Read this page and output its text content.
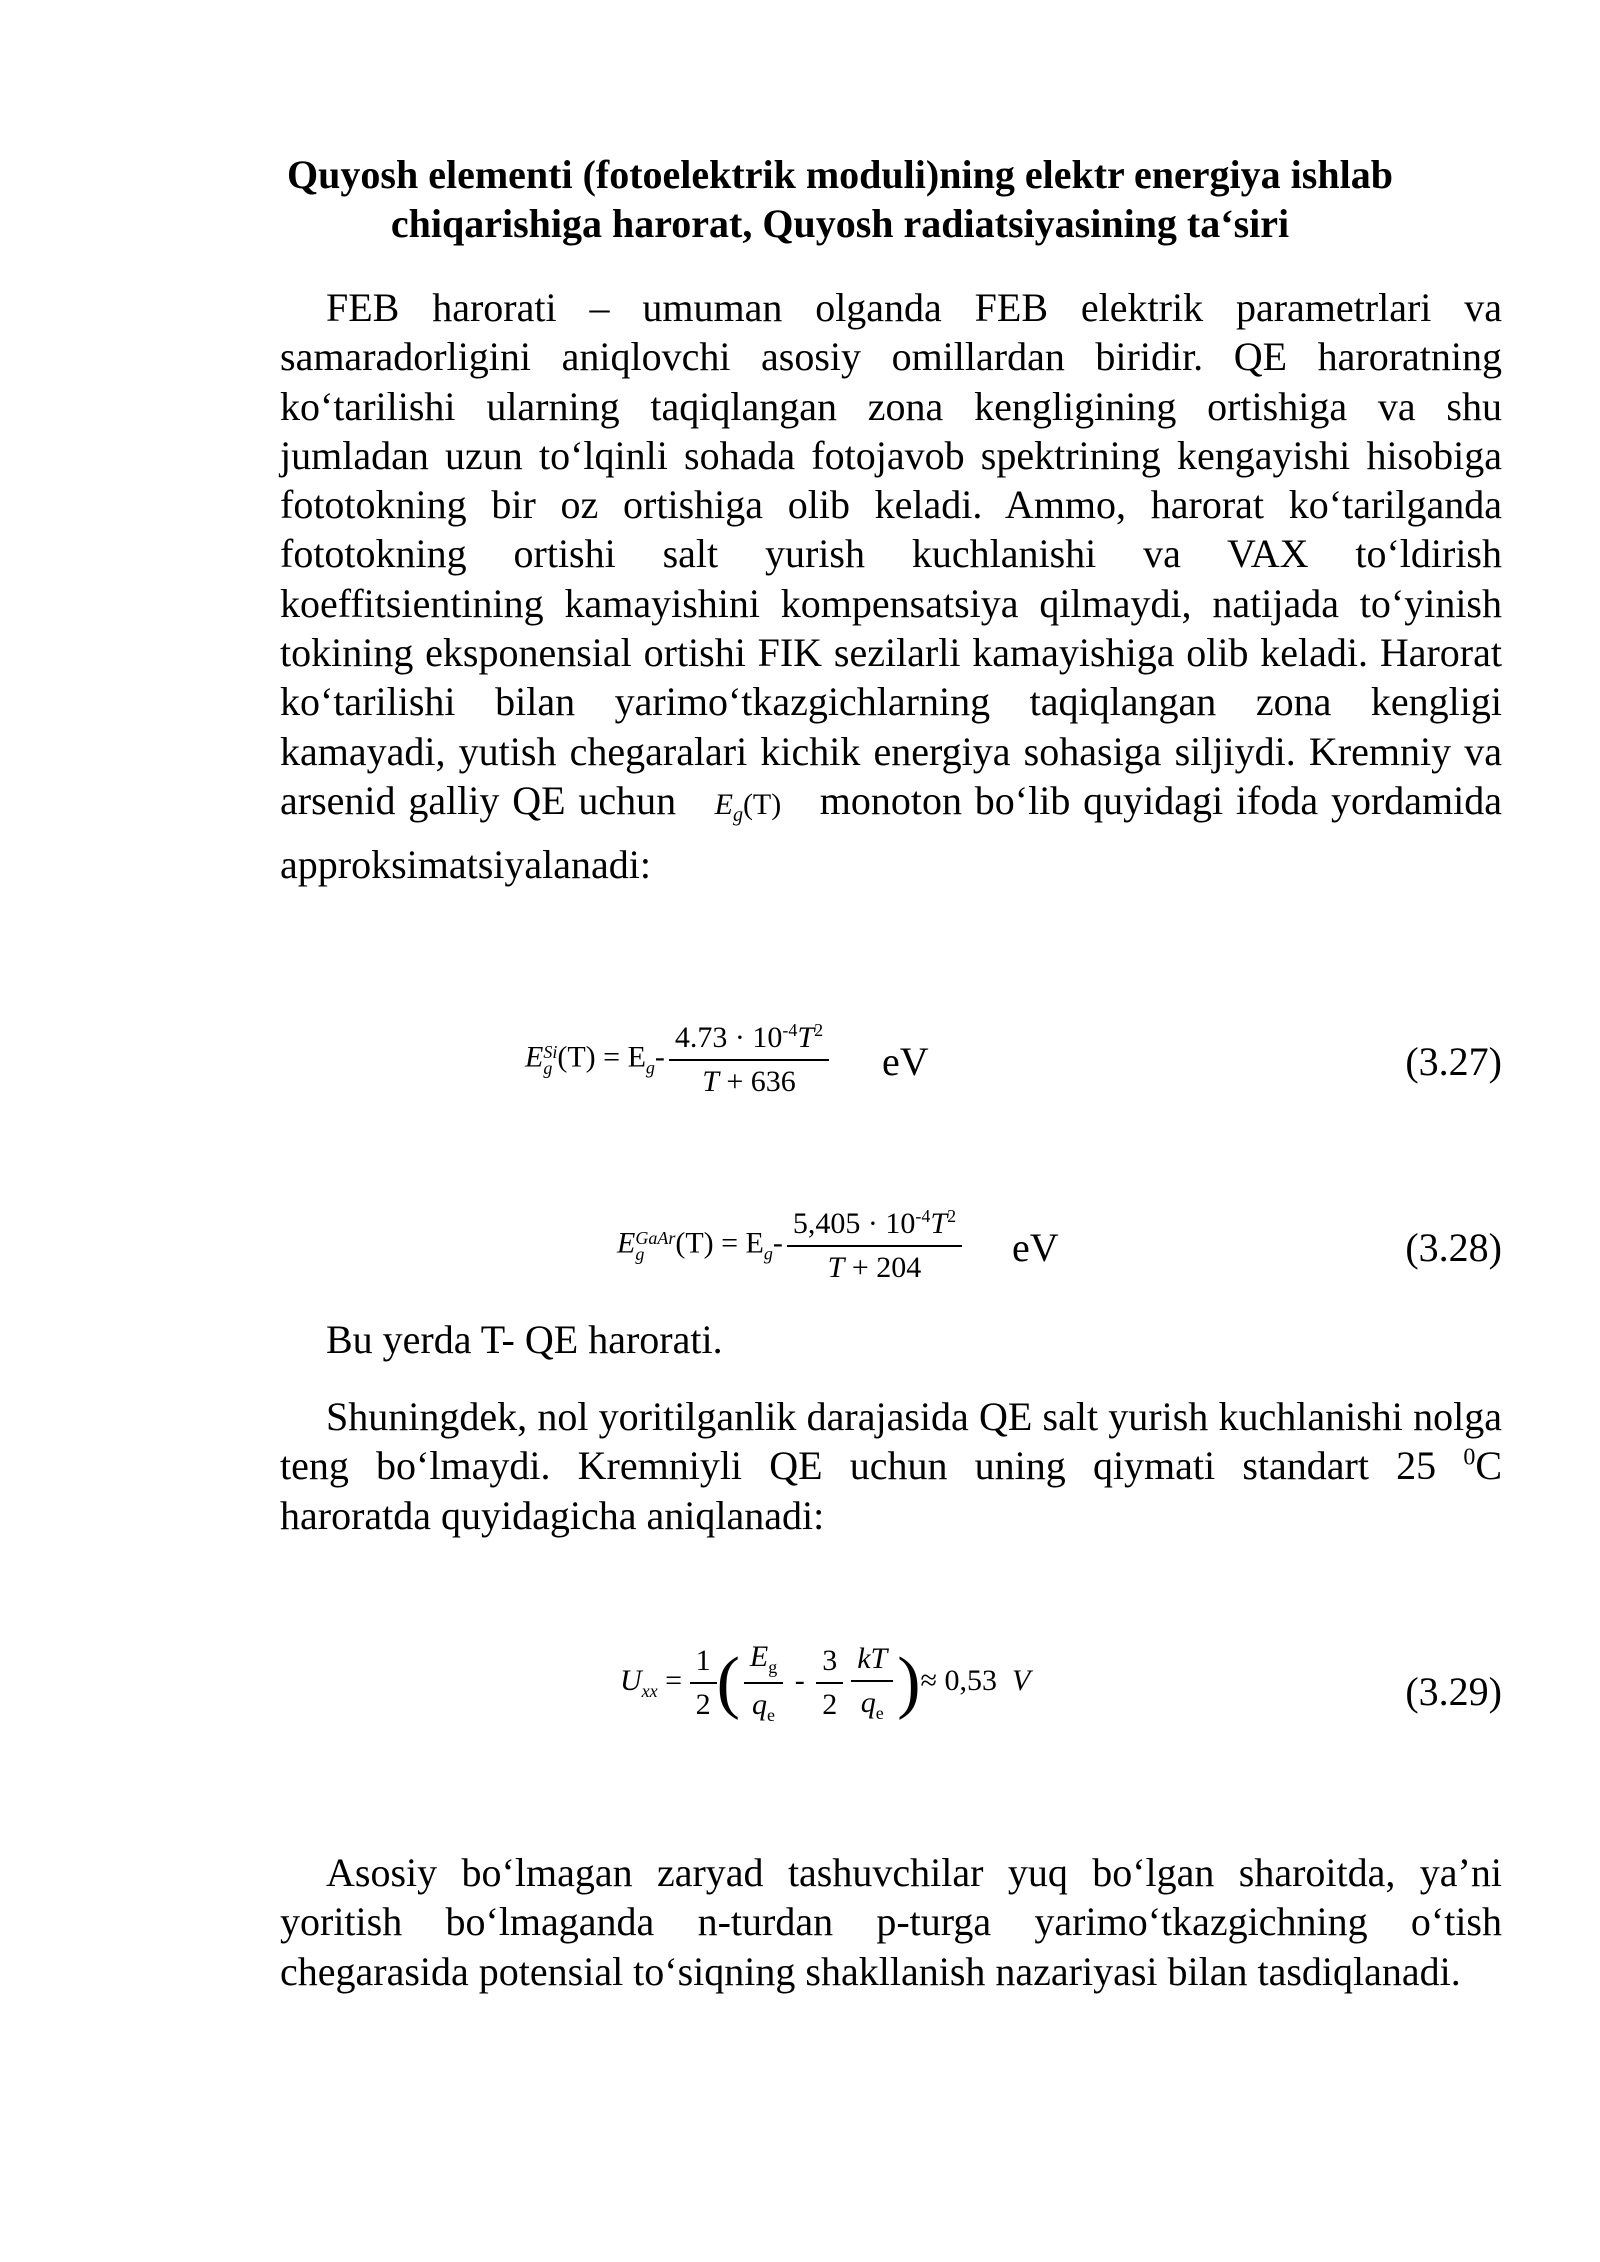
Quyosh elementi (fotoelektrik moduli)ning elektr energiya ishlab
chiqarishiga harorat, Quyosh radiatsiyasining ta‘siri

FEB harorati – umuman olganda FEB elektrik parametrlari va samaradorligini aniqlovchi asosiy omillardan biridir. QE haroratning ko‘tarilishi ularning taqiqlangan zona kengligining ortishiga va shu jumladan uzun to‘lqinli sohada fotojavob spektrining kengayishi hisobiga fototokning bir oz ortishiga olib keladi. Ammo, harorat ko‘tarilganda fototokning ortishi salt yurish kuchlanishi va VAX to‘ldirish koeffitsientining kamayishini kompensatsiya qilmaydi, natijada to‘yinish tokining eksponensial ortishi FIK sezilarli kamayishiga olib keladi. Harorat ko‘tarilishi bilan yarimo‘tkazgichlarning taqiqlangan zona kengligi kamayadi, yutish chegaralari kichik energiya sohasiga siljiydi. Kremniy va arsenid galliy QE uchun $E_g(T)$ monoton bo‘lib quyidagi ifoda yordamida approksimatsiyalanadi:

E Si
g $(T) = E_g- \frac{4.73 \cdot 10^{-4}T^2}{T + 636}$ eV	(3.27)
E GaAr
g	$(T) = E_g- \frac{5,405 \cdot 10^{-4}T^2}{T + 204}$ eV	(3.28)

Bu yerda T- QE harorati.

Shuningdek, nol yoritilganlik darajasida QE salt yurish kuchlanishi nolga teng bo‘lmaydi. Kremniyli QE uchun uning qiymati standart 25 $^0$C haroratda quyidagicha aniqlanadi:

$U_{xx} = \frac{1}{2}$ ( $\frac{E_g}{q_e} - \frac{3}{2} \frac{kT}{q_e}$ )≈ 0,53 V	(3.29)

Asosiy bo‘lmagan zaryad tashuvchilar yuq bo‘lgan sharoitda, ya’ni yoritish bo‘lmaganda n-turdan p-turga yarimo‘tkazgichning o‘tish chegarasida potensial to‘siqning shakllanish nazariyasi bilan tasdiqlanadi.
